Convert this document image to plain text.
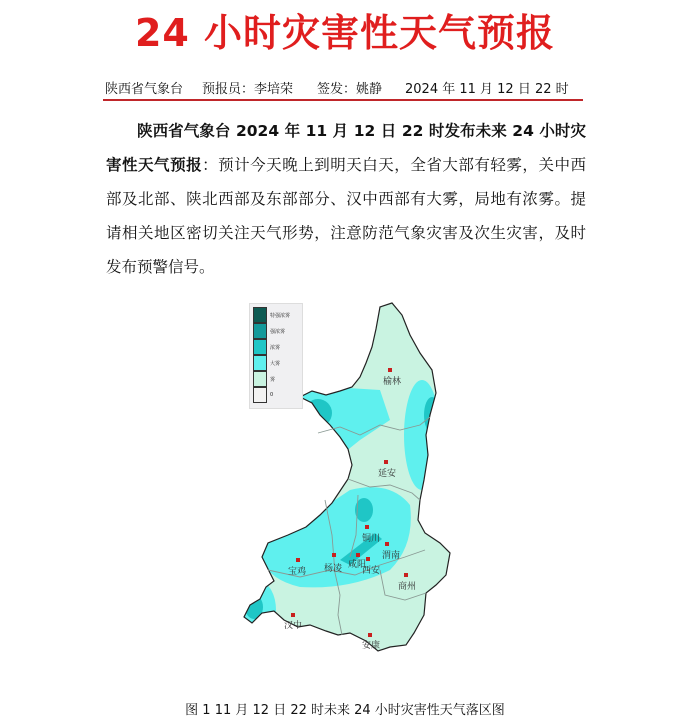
24 小时灾害性天气预报
陕西省气象台 预报员：李培荣 签发：姚静 2024 年 11 月 12 日 22 时

陕西省气象台 2024 年 11 月 12 日 22 时发布未来 24 小时灾害性天气预报：预计今天晚上到明天白天，全省大部有轻雾，关中西部及北部、陕北西部及东部部分、汉中西部有大雾，局地有浓雾。提请相关地区密切关注天气形势，注意防范气象灾害及次生灾害，及时发布预警信号。

榆林
延安
铜川
渭南
宝鸡 杨凌 咸阳
西安
商州
汉中
安康
特强浓雾
强浓雾
浓雾
大雾
雾
0
图 1 11 月 12 日 22 时未来 24 小时灾害性天气落区图
